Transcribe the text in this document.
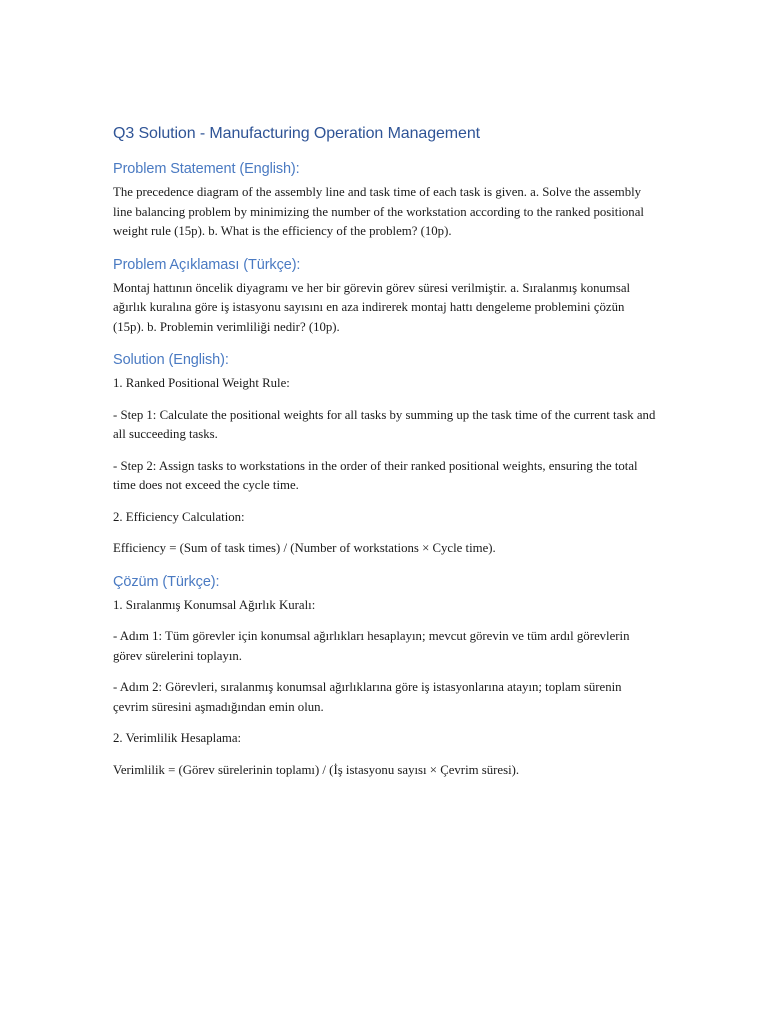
Q3 Solution - Manufacturing Operation Management
Problem Statement (English):

The precedence diagram of the assembly line and task time of each task is given. a. Solve the assembly line balancing problem by minimizing the number of the workstation according to the ranked positional weight rule (15p). b. What is the efficiency of the problem? (10p).

Problem Açıklaması (Türkçe):

Montaj hattının öncelik diyagramı ve her bir görevin görev süresi verilmiştir. a. Sıralanmış konumsal ağırlık kuralına göre iş istasyonu sayısını en aza indirerek montaj hattı dengeleme problemini çözün (15p). b. Problemin verimliliği nedir? (10p).

Solution (English):

1. Ranked Positional Weight Rule:

- Step 1: Calculate the positional weights for all tasks by summing up the task time of the current task and all succeeding tasks.

- Step 2: Assign tasks to workstations in the order of their ranked positional weights, ensuring the total time does not exceed the cycle time.

2. Efficiency Calculation:

Efficiency = (Sum of task times) / (Number of workstations × Cycle time).

Çözüm (Türkçe):

1. Sıralanmış Konumsal Ağırlık Kuralı:

- Adım 1: Tüm görevler için konumsal ağırlıkları hesaplayın; mevcut görevin ve tüm ardıl görevlerin görev sürelerini toplayın.

- Adım 2: Görevleri, sıralanmış konumsal ağırlıklarına göre iş istasyonlarına atayın; toplam sürenin çevrim süresini aşmadığından emin olun.

2. Verimlilik Hesaplama:

Verimlilik = (Görev sürelerinin toplamı) / (İş istasyonu sayısı × Çevrim süresi).
